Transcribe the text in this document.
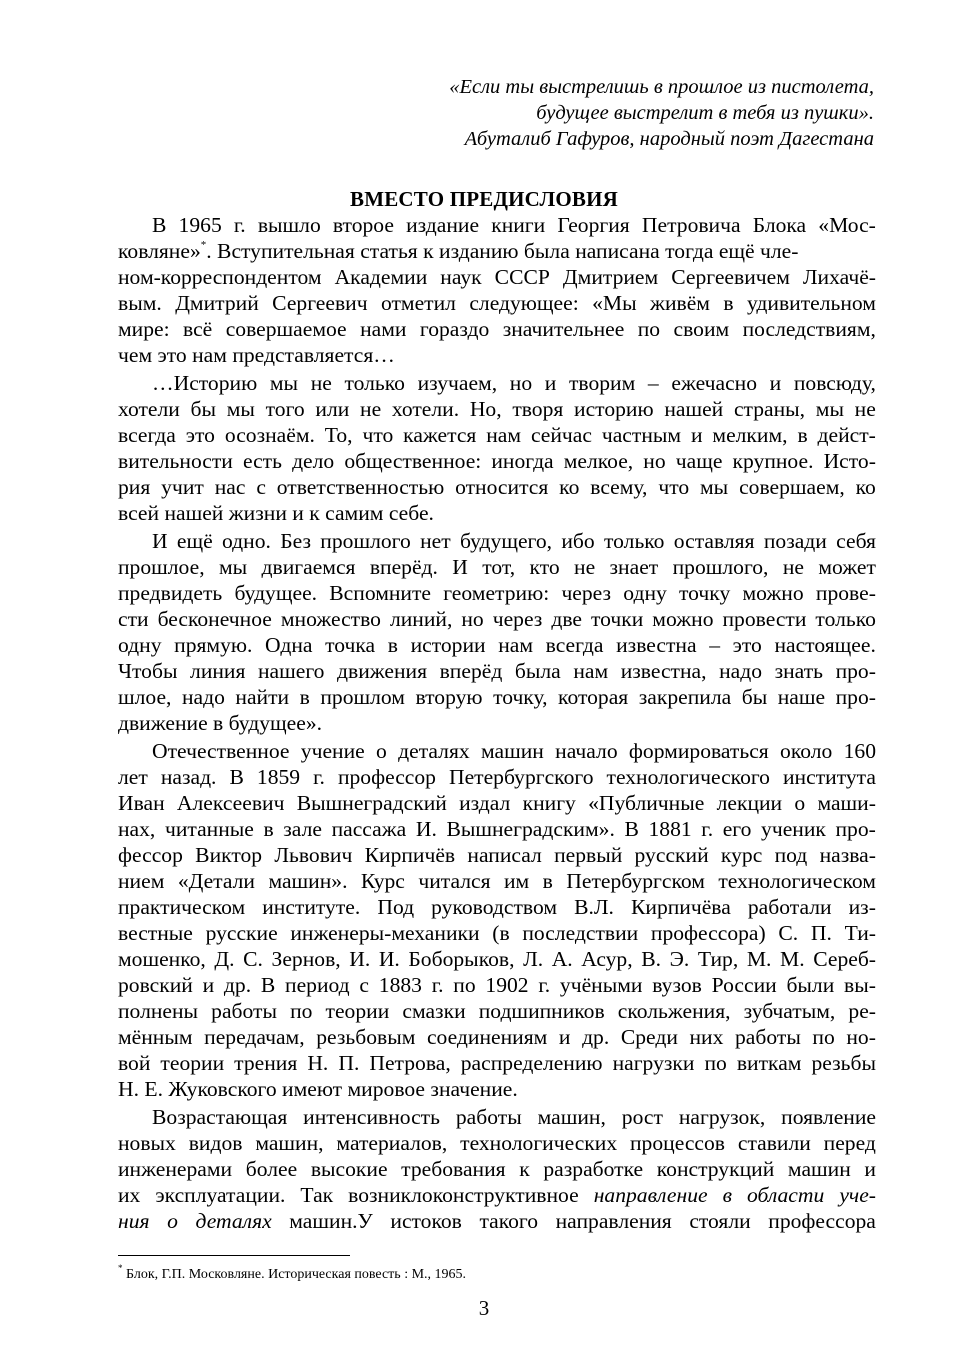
«Если ты выстрелишь в прошлое из пистолета,
будущее выстрелит в тебя из пушки».
Абуталиб Гафуров, народный поэт Дагестана
ВМЕСТО ПРЕДИСЛОВИЯ
В 1965 г. вышло второе издание книги Георгия Петровича Блока «Мос-
ковляне»*. Вступительная статья к изданию была написана тогда ещё чле-
ном-корреспондентом Академии наук СССР Дмитрием Сергеевичем Лихачё-
вым. Дмитрий Сергеевич отметил следующее: «Мы живём в удивительном
мире: всё совершаемое нами гораздо значительнее по своим последствиям,
чем это нам представляется…
…Историю мы не только изучаем, но и творим – ежечасно и повсюду,
хотели бы мы того или не хотели. Но, творя историю нашей страны, мы не
всегда это осознаём. То, что кажется нам сейчас частным и мелким, в дейст-
вительности есть дело общественное: иногда мелкое, но чаще крупное. Исто-
рия учит нас с ответственностью относится ко всему, что мы совершаем, ко
всей нашей жизни и к самим себе.
И ещё одно. Без прошлого нет будущего, ибо только оставляя позади себя
прошлое, мы двигаемся вперёд. И тот, кто не знает прошлого, не может
предвидеть будущее. Вспомните геометрию: через одну точку можно прове-
сти бесконечное множество линий, но через две точки можно провести только
одну прямую. Одна точка в истории нам всегда известна – это настоящее.
Чтобы линия нашего движения вперёд была нам известна, надо знать про-
шлое, надо найти в прошлом вторую точку, которая закрепила бы наше про-
движение в будущее».
Отечественное учение о деталях машин начало формироваться около 160
лет назад. В 1859 г. профессор Петербургского технологического института
Иван Алексеевич Вышнеградский издал книгу «Публичные лекции о маши-
нах, читанные в зале пассажа И. Вышнеградским». В 1881 г. его ученик про-
фессор Виктор Львович Кирпичёв написал первый русский курс под назва-
нием «Детали машин». Курс читался им в Петербургском технологическом
практическом институте. Под руководством В.Л. Кирпичёва работали из-
вестные русские инженеры-механики (в последствии профессора) С. П. Ти-
мошенко, Д. С. Зернов, И. И. Боборыков, Л. А. Асур, В. Э. Тир, М. М. Сереб-
ровский и др. В период с 1883 г. по 1902 г. учёными вузов России были вы-
полнены работы по теории смазки подшипников скольжения, зубчатым, ре-
мённым передачам, резьбовым соединениям и др. Среди них работы по но-
вой теории трения Н. П. Петрова, распределению нагрузки по виткам резьбы
Н. Е. Жуковского имеют мировое значение.
Возрастающая интенсивность работы машин, рост нагрузок, появление
новых видов машин, материалов, технологических процессов ставили перед
инженерами более высокие требования к разработке конструкций машин и
их эксплуатации. Так возниклоконструктивное направление в области уче-
ния о деталях машин.У истоков такого направления стояли профессора
* Блок, Г.П. Московляне. Историческая повесть : М., 1965.
3
